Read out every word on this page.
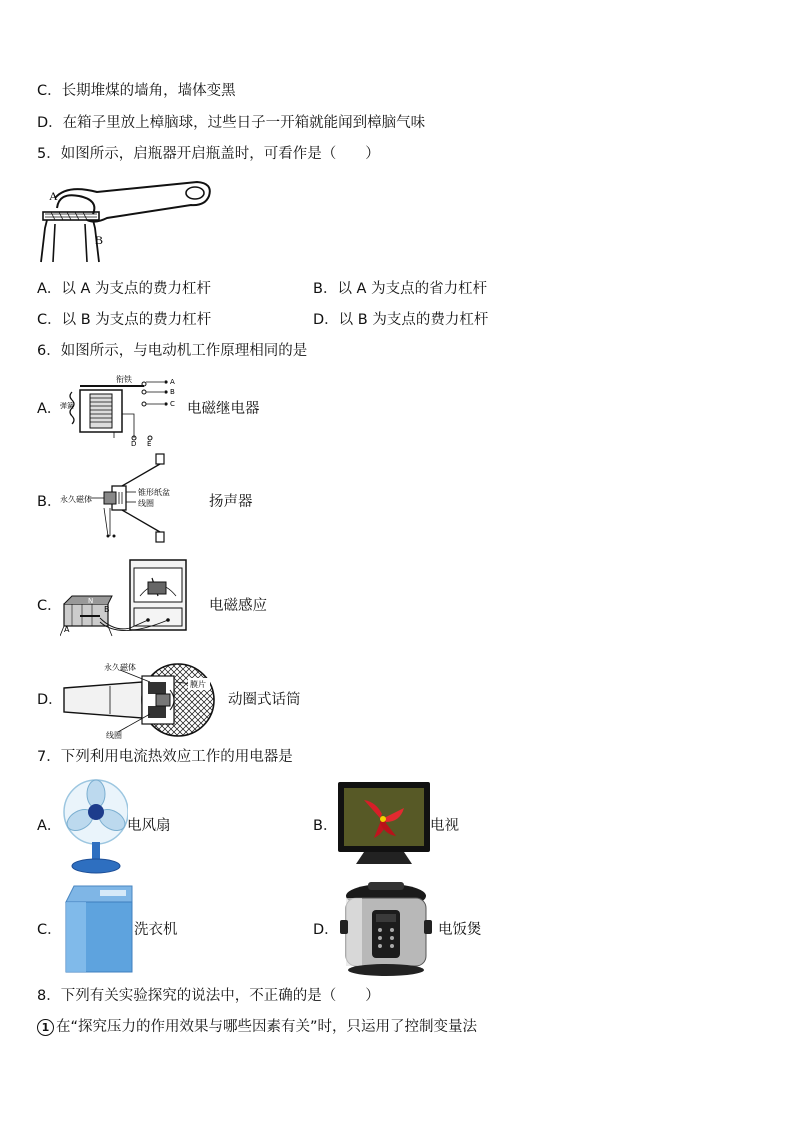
C．长期堆煤的墙角，墙体变黑
D．在箱子里放上樟脑球，过些日子一开箱就能闻到樟脑气味
5．如图所示，启瓶器开启瓶盖时，可看作是（　　）
A
B
A．以 A 为支点的费力杠杆	B．以 A 为支点的省力杠杆
C．以 B 为支点的费力杠杆	D．以 B 为支点的费力杠杆
6．如图所示，与电动机工作原理相同的是
A．
衔铁
弹簧
A
B
C
D E
电磁继电器
B．
永久磁体
锥形纸盆
线圈	扬声器
C．	N
A
B	电磁感应
D．
永久磁体
膜片
线圈
动圈式话筒
7．下列利用电流热效应工作的用电器是
A．	电风扇	B．	电视
C．	洗衣机	D．	电饭煲
8．下列有关实验探究的说法中，不正确的是（　　）
1 在“探究压力的作用效果与哪些因素有关”时，只运用了控制变量法
